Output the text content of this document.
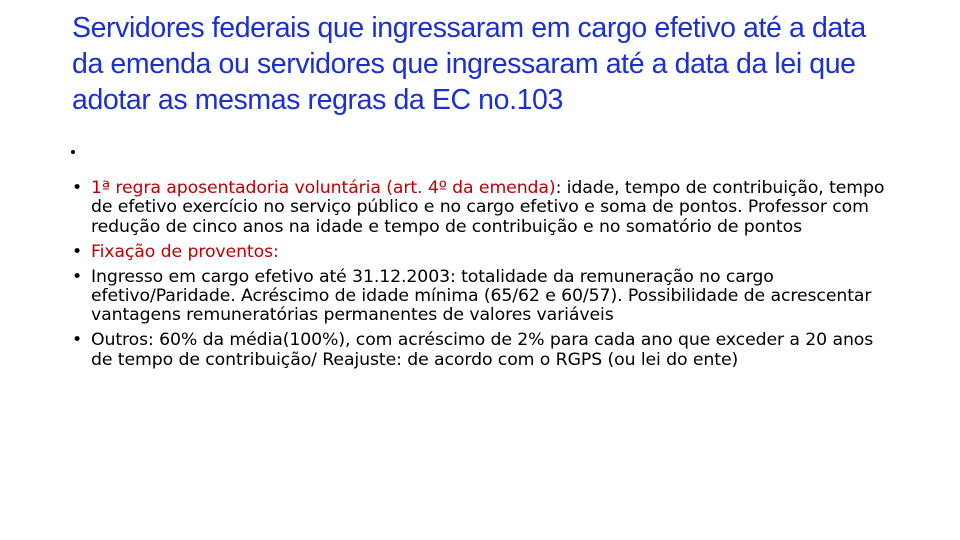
Servidores federais que ingressaram em cargo efetivo até a data da emenda ou servidores que ingressaram até a data da lei que adotar as mesmas regras da EC no.103
• 1ª regra aposentadoria voluntária (art. 4º da emenda): idade, tempo de contribuição, tempo de efetivo exercício no serviço público e no cargo efetivo e soma de pontos. Professor com redução de cinco anos na idade e tempo de contribuição e no somatório de pontos
• Fixação de proventos:
• Ingresso em cargo efetivo até 31.12.2003: totalidade da remuneração no cargo efetivo/Paridade. Acréscimo de idade mínima (65/62 e 60/57). Possibilidade de acrescentar vantagens remuneratórias permanentes de valores variáveis
• Outros: 60% da média(100%), com acréscimo de 2% para cada ano que exceder a 20 anos de tempo de contribuição/ Reajuste: de acordo com o RGPS (ou lei do ente)
